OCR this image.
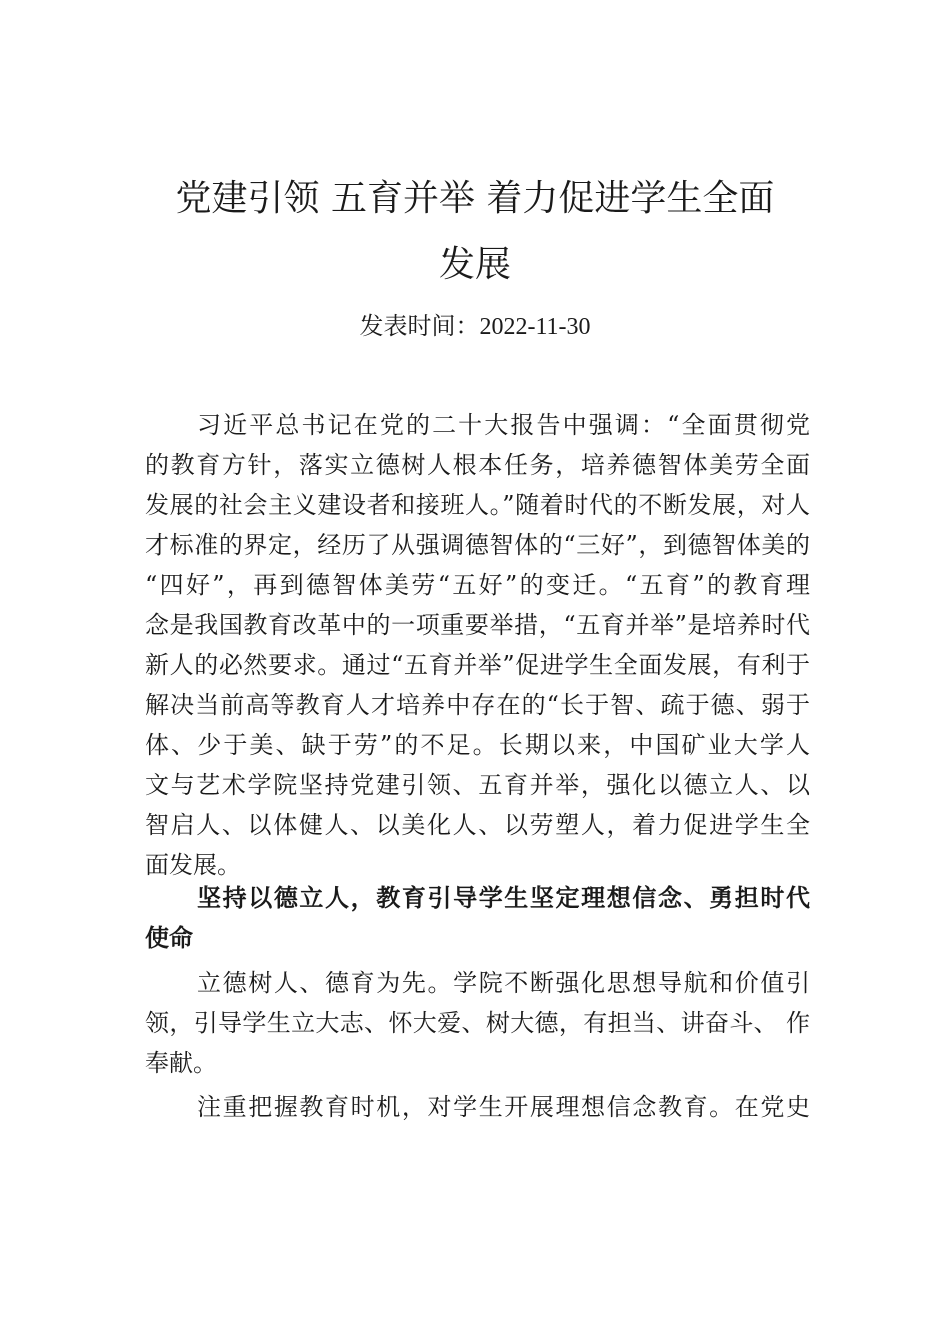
党建引领 五育并举 着力促进学生全面
发展
发表时间：2022-11-30
习近平总书记在党的二十大报告中强调：“全面贯彻党
的教育方针，落实立德树人根本任务，培养德智体美劳全面
发展的社会主义建设者和接班人。”随着时代的不断发展，对人
才标准的界定，经历了从强调德智体的“三好”，到德智体美的
“四好”，再到德智体美劳“五好”的变迁。“五育”的教育理
念是我国教育改革中的一项重要举措，“五育并举”是培养时代
新人的必然要求。通过“五育并举”促进学生全面发展，有利于
解决当前高等教育人才培养中存在的“长于智、疏于德、弱于
体、少于美、缺于劳”的不足。长期以来，中国矿业大学人
文与艺术学院坚持党建引领、五育并举，强化以德立人、以
智启人、以体健人、以美化人、以劳塑人，着力促进学生全
面发展。
坚持以德立人，教育引导学生坚定理想信念、勇担时代
使命
立德树人、德育为先。学院不断强化思想导航和价值引
领，引导学生立大志、怀大爱、树大德，有担当、讲奋斗、 作
奉献。
注重把握教育时机，对学生开展理想信念教育。在党史
